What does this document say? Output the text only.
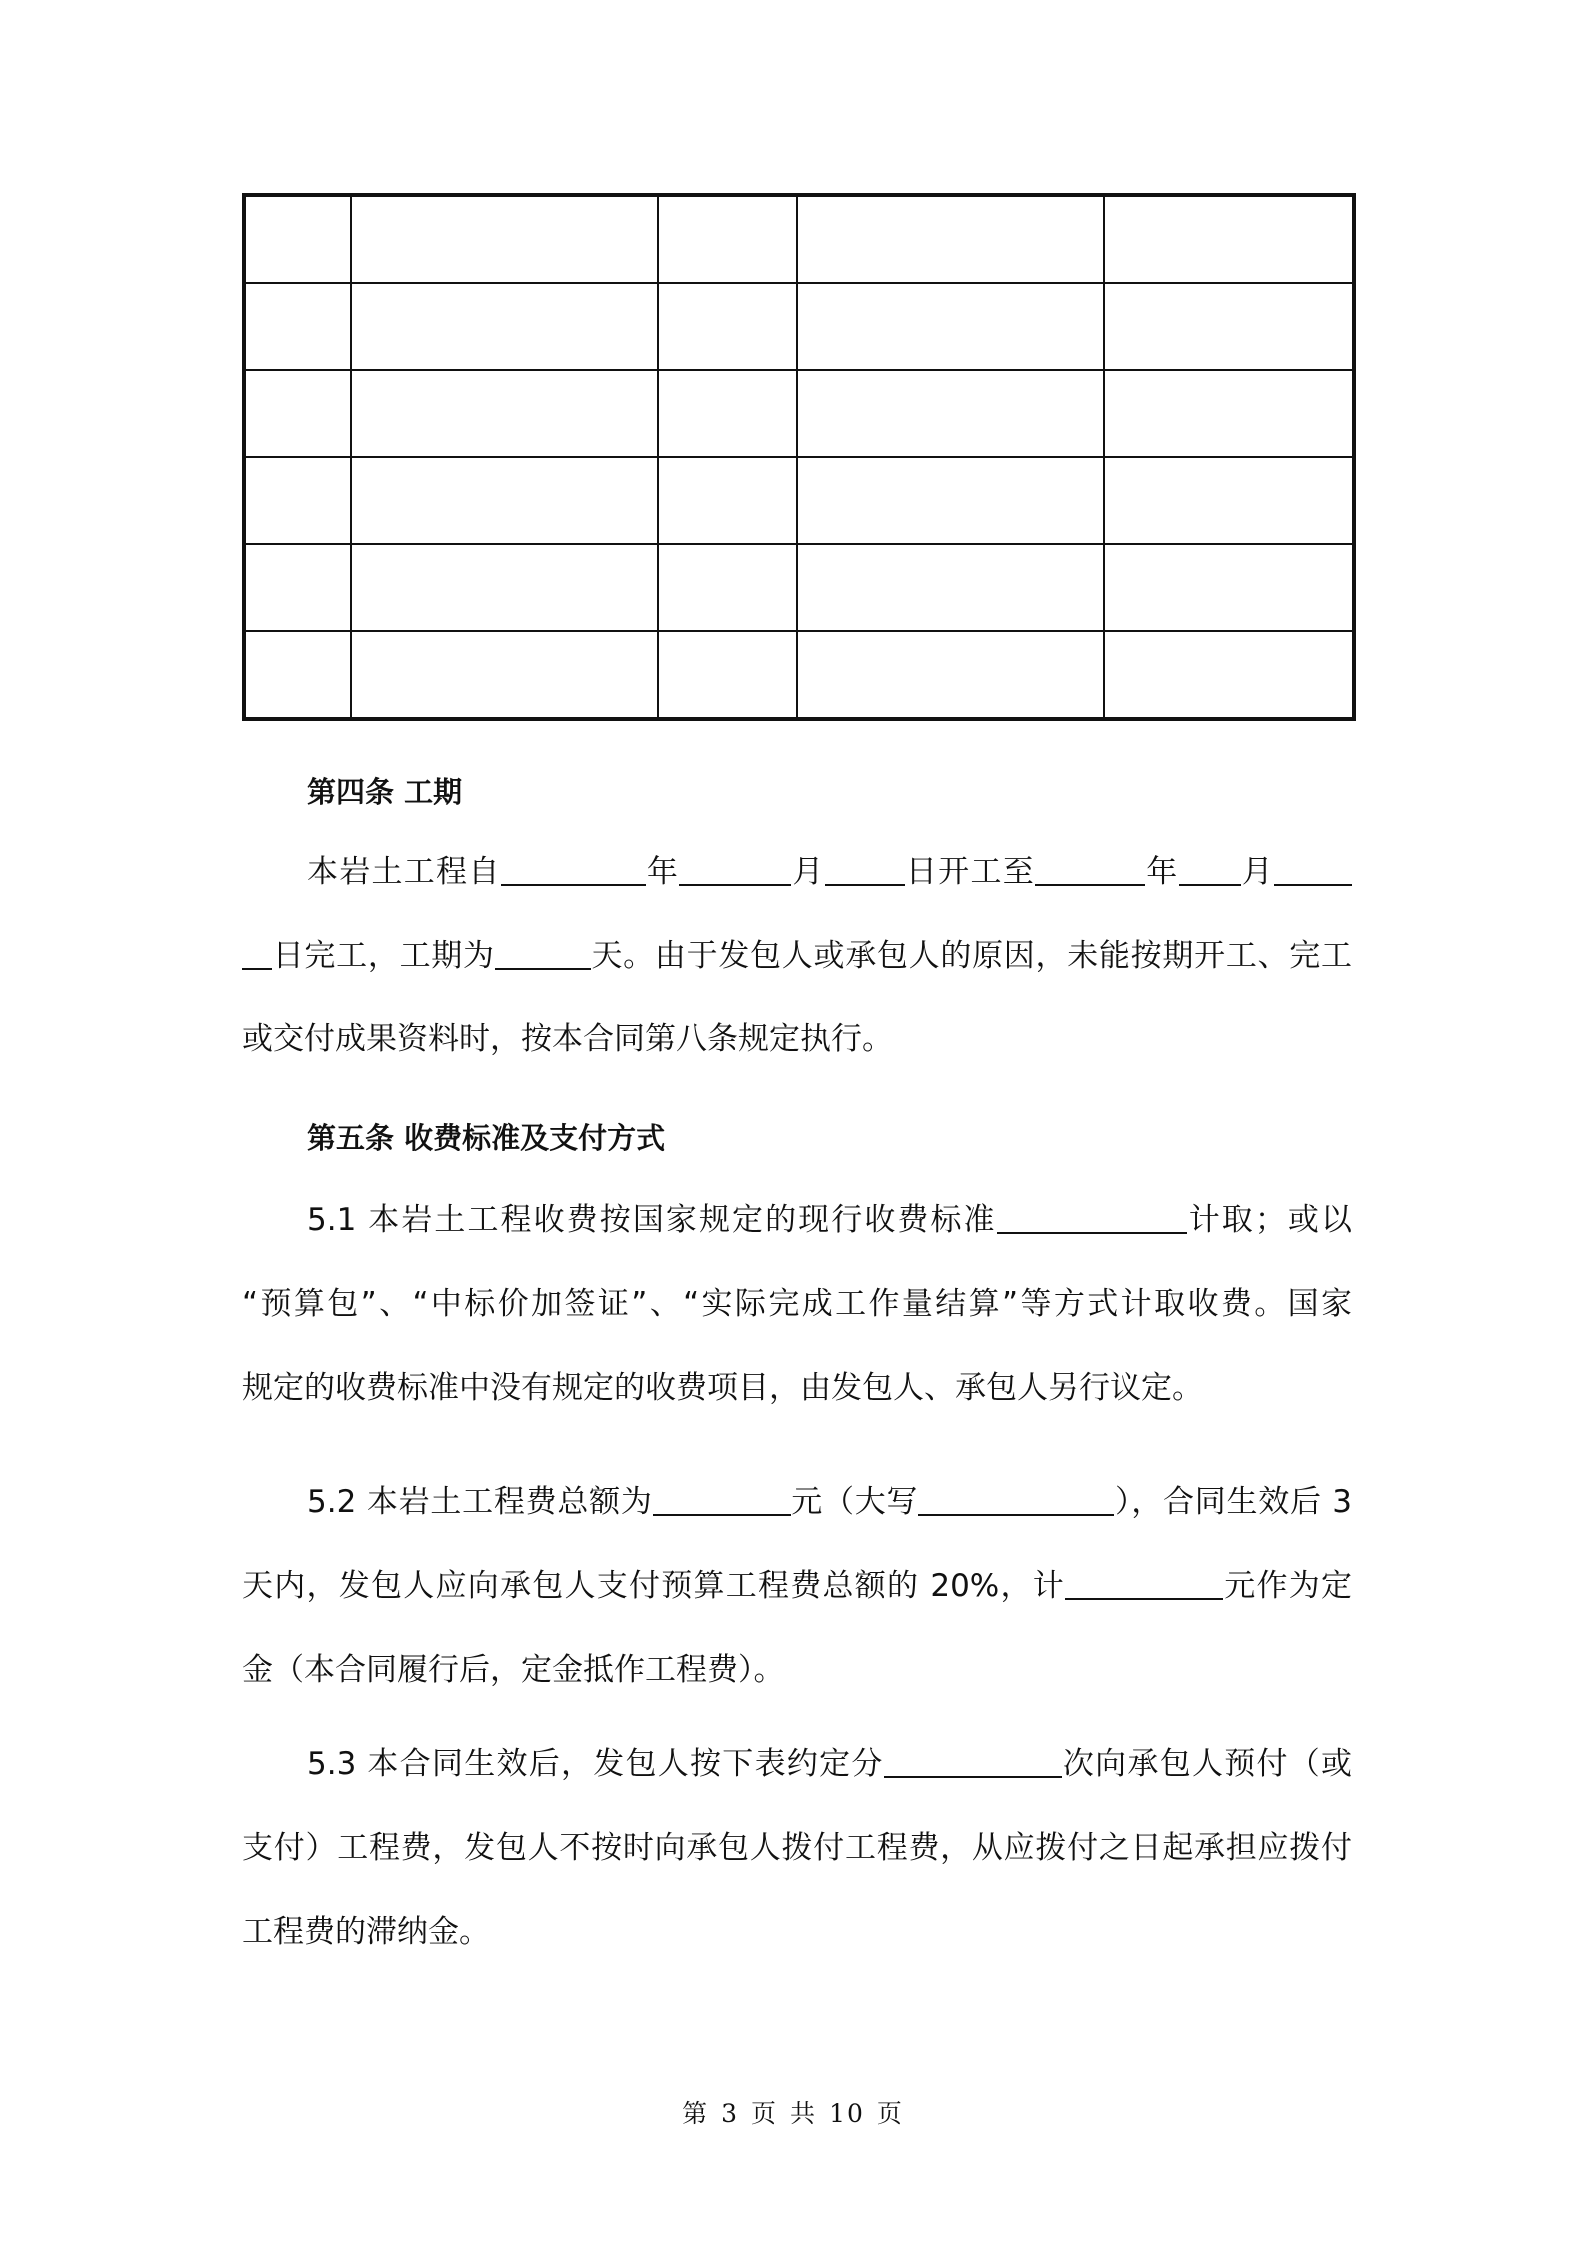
第四条 工期
本岩土工程自	年	月	日开工至	年 月
日完工，工期为	天。由于发包人或承包人的原因，未能按期开工、完工
或交付成果资料时，按本合同第八条规定执行。
第五条 收费标准及支付方式
5.1 本岩土工程收费按国家规定的现行收费标准	计取；或以
“预算包”、“中标价加签证”、“实际完成工作量结算”等方式计取收费。国家
规定的收费标准中没有规定的收费项目，由发包人、承包人另行议定。
5.2 本岩土工程费总额为	元（大写	），合同生效后 3
天内，发包人应向承包人支付预算工程费总额的 20%，计	元作为定
金（本合同履行后，定金抵作工程费）。
5.3 本合同生效后，发包人按下表约定分	次向承包人预付（或
支付）工程费，发包人不按时向承包人拨付工程费，从应拨付之日起承担应拨付
工程费的滞纳金。
第 3 页 共 10 页
